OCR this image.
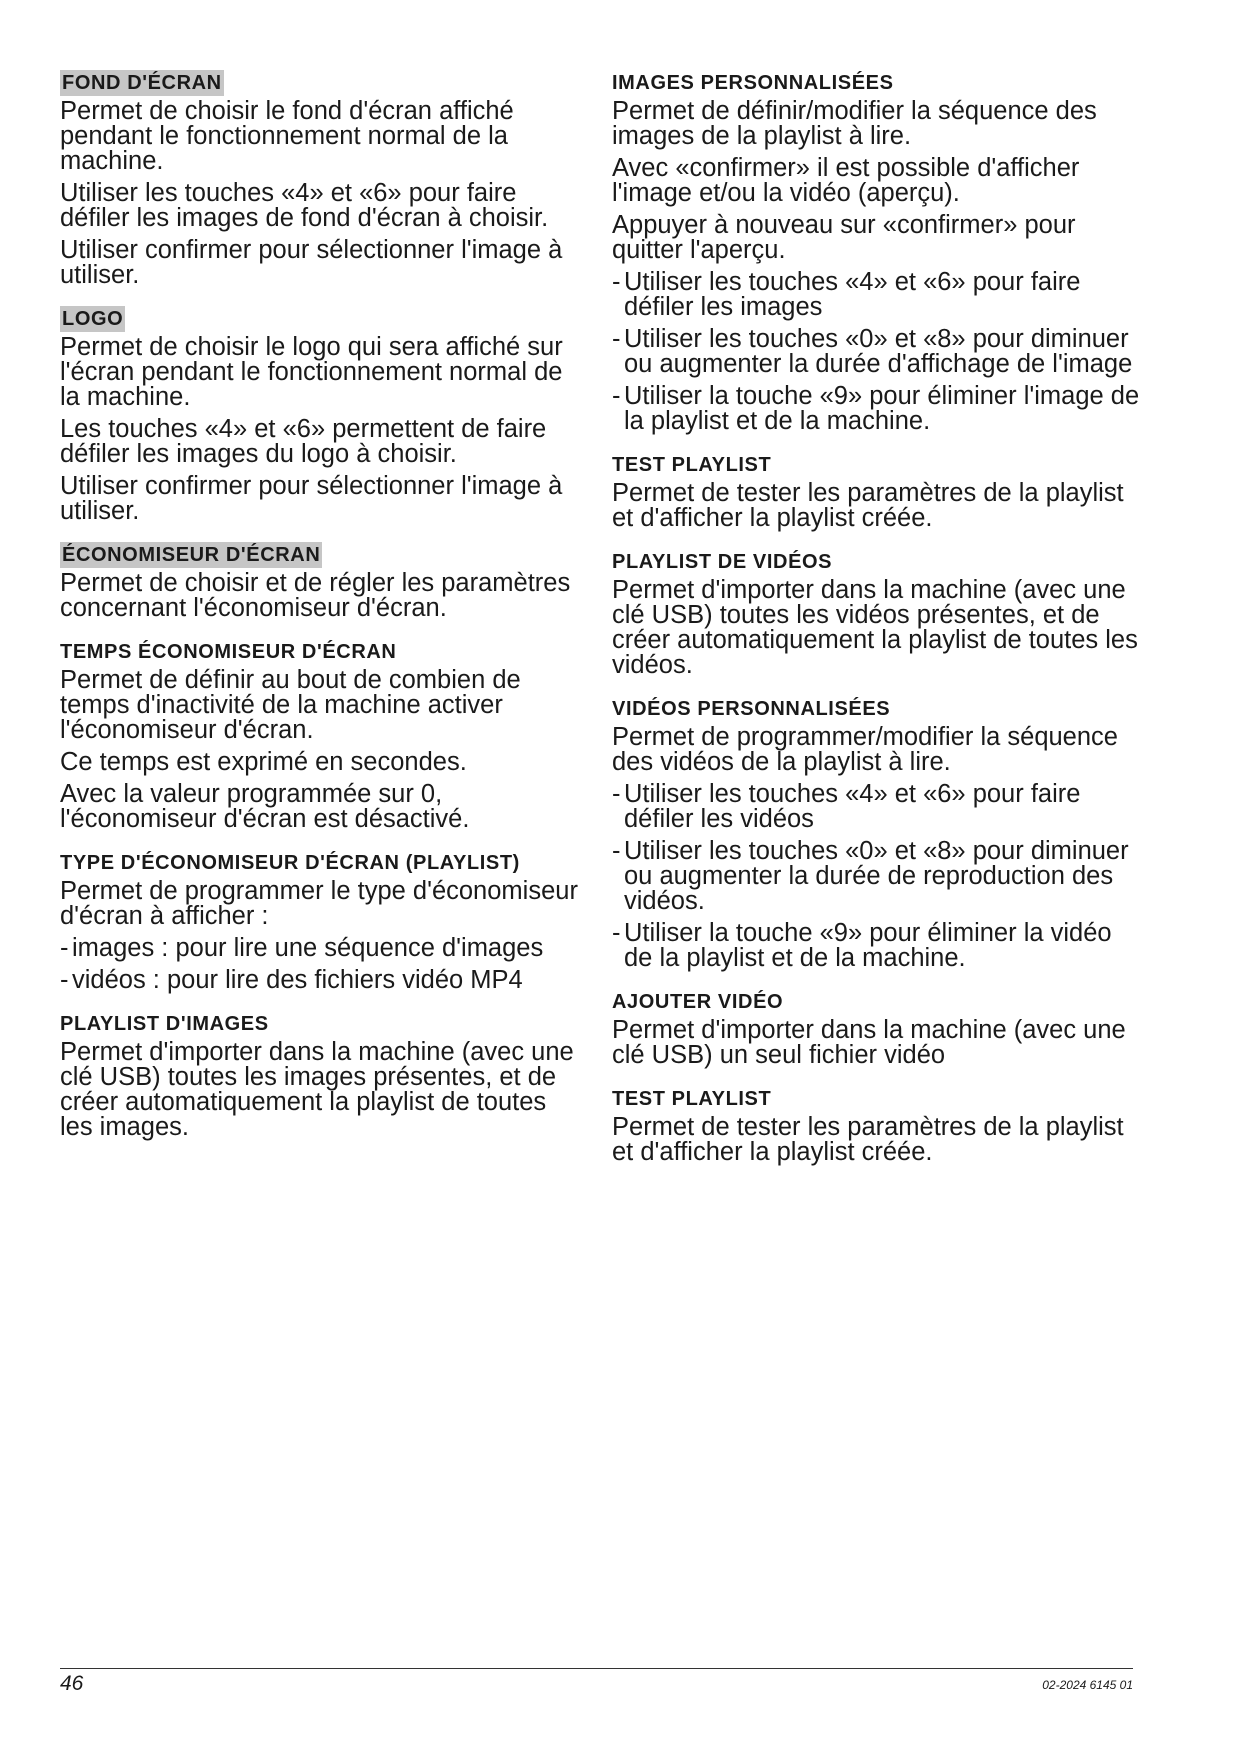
FOND D'ÉCRAN
Permet de choisir le fond d'écran affiché pendant le fonctionnement normal de la machine.
Utiliser les touches «4» et «6» pour faire défiler les images de fond d'écran à choisir.
Utiliser confirmer pour sélectionner l'image à utiliser.
LOGO
Permet de choisir le logo qui sera affiché sur l'écran pendant le fonctionnement normal de la machine.
Les touches «4» et «6» permettent de faire défiler les images du logo à choisir.
Utiliser confirmer pour sélectionner l'image à utiliser.
ÉCONOMISEUR D'ÉCRAN
Permet de choisir et de régler les paramètres concernant l'économiseur d'écran.
TEMPS ÉCONOMISEUR D'ÉCRAN
Permet de définir au bout de combien de temps d'inactivité de la machine activer l'économiseur d'écran.
Ce temps est exprimé en secondes.
Avec la valeur programmée sur 0, l'économiseur d'écran est désactivé.
TYPE D'ÉCONOMISEUR D'ÉCRAN (PLAYLIST)
Permet de programmer le type d'économiseur d'écran à afficher :
- images : pour lire une séquence d'images
- vidéos : pour lire des fichiers vidéo MP4
PLAYLIST D'IMAGES
Permet d'importer dans la machine (avec une clé USB) toutes les images présentes, et de créer automatiquement la playlist de toutes les images.
IMAGES PERSONNALISÉES
Permet de définir/modifier la séquence des images de la playlist à lire.
Avec «confirmer» il est possible d'afficher l'image et/ou la vidéo (aperçu).
Appuyer à nouveau sur «confirmer» pour quitter l'aperçu.
- Utiliser les touches «4» et «6» pour faire défiler les images
- Utiliser les touches «0» et «8» pour diminuer ou augmenter la durée d'affichage de l'image
- Utiliser la touche «9» pour éliminer l'image de la playlist et de la machine.
TEST PLAYLIST
Permet de tester les paramètres de la playlist et d'afficher la playlist créée.
PLAYLIST DE VIDÉOS
Permet d'importer dans la machine (avec une clé USB) toutes les vidéos présentes, et de créer automatiquement la playlist de toutes les vidéos.
VIDÉOS PERSONNALISÉES
Permet de programmer/modifier la séquence des vidéos de la playlist à lire.
- Utiliser les touches «4» et «6» pour faire défiler les vidéos
- Utiliser les touches «0» et «8» pour diminuer ou augmenter la durée de reproduction des vidéos.
- Utiliser la touche «9» pour éliminer la vidéo de la playlist et de la machine.
AJOUTER VIDÉO
Permet d'importer dans la machine (avec une clé USB) un seul fichier vidéo
TEST PLAYLIST
Permet de tester les paramètres de la playlist et d'afficher la playlist créée.
46	02-2024 6145 01
